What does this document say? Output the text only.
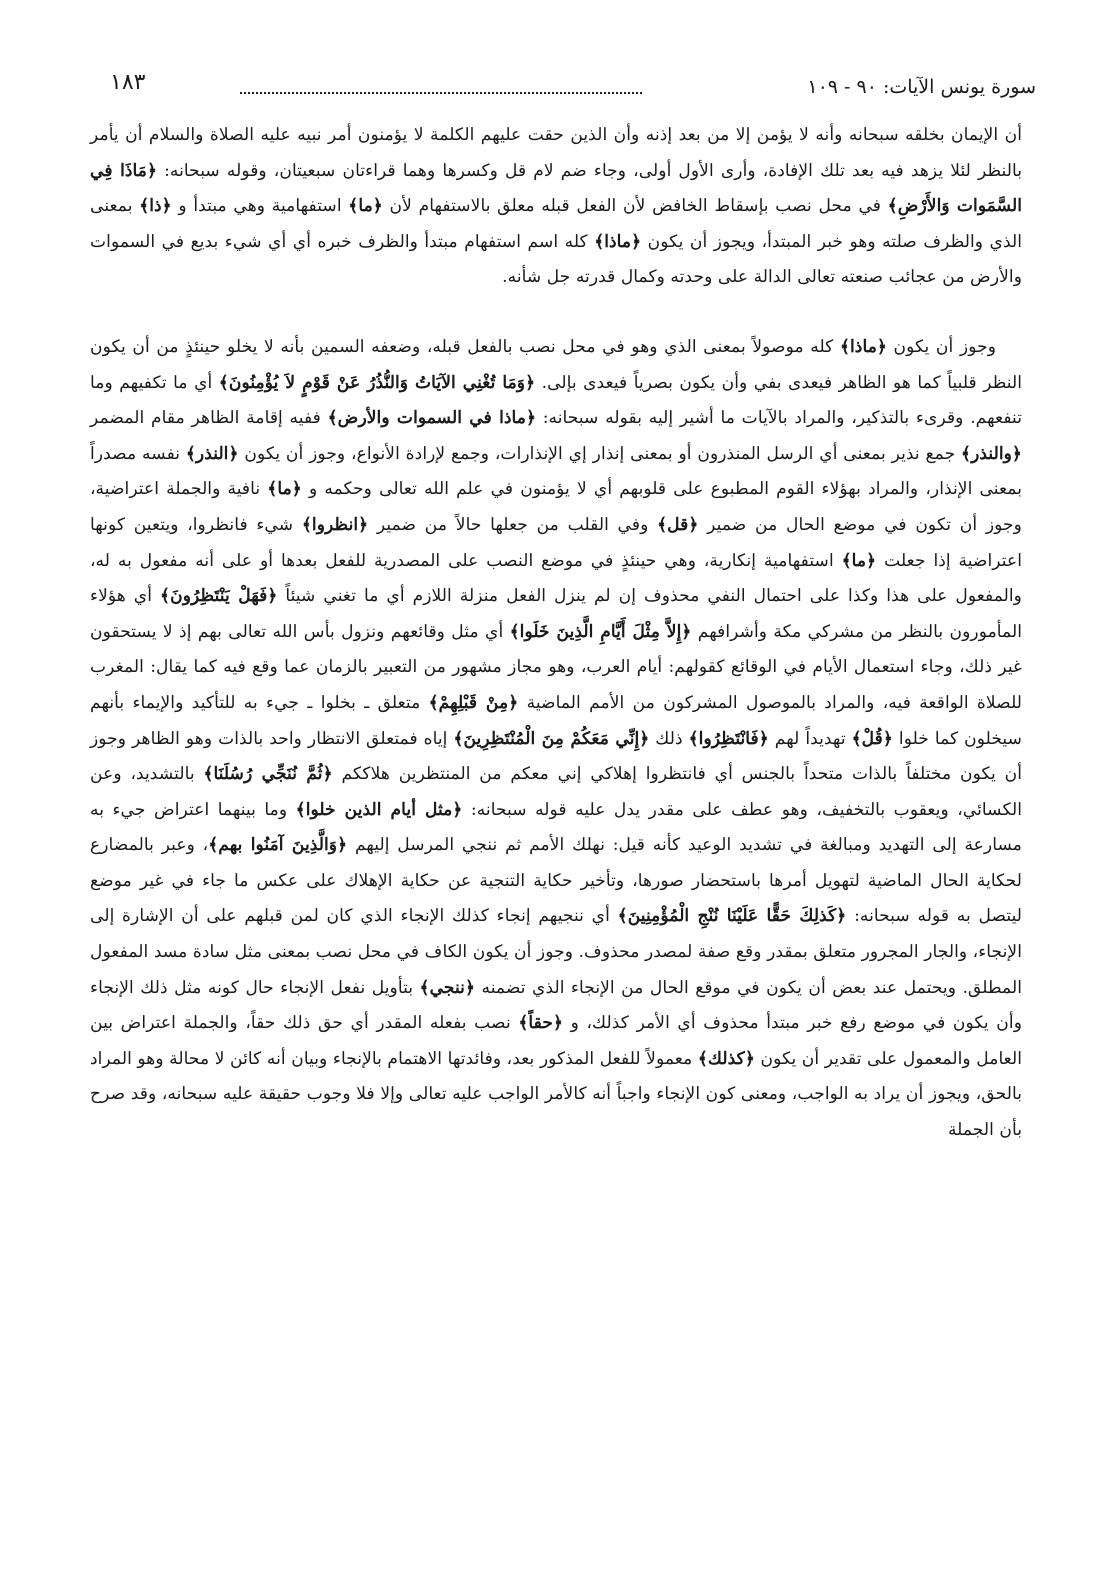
سورة يونس الآيات: ٩٠ - ١٠٩
١٨٣

أن الإيمان بخلقه سبحانه وأنه لا يؤمن إلا من بعد إذنه وأن الذين حقت عليهم الكلمة لا يؤمنون أمر نبيه عليه الصلاة والسلام أن يأمر بالنظر لئلا يزهد فيه بعد تلك الإفادة، وأرى الأول أولى، وجاء ضم لام قل وكسرها وهما قراءتان سبعيتان، وقوله سبحانه: ﴿مَاذَا فِي السَّمَوات وَالأَرْضِ﴾ في محل نصب بإسقاط الخافض لأن الفعل قبله معلق بالاستفهام لأن ﴿ما﴾ استفهامية وهي مبتدأ و ﴿ذا﴾ بمعنى الذي والظرف صلته وهو خبر المبتدأ، ويجوز أن يكون ﴿ماذا﴾ كله اسم استفهام مبتدأ والظرف خبره أي أي شيء بديع في السموات والأرض من عجائب صنعته تعالى الدالة على وحدته وكمال قدرته جل شأنه.

وجوز أن يكون ﴿ماذا﴾ كله موصولاً بمعنى الذي وهو في محل نصب بالفعل قبله، وضعفه السمين بأنه لا يخلو حينئذٍ من أن يكون النظر قلبياً كما هو الظاهر فيعدى بفي وأن يكون بصرياً فيعدى بإلى. ﴿وَمَا تُغْنِي الآيَاتُ وَالنُّذُرُ عَنْ قَوْمٍ لاَ يُؤْمِنُونَ﴾ أي ما تكفيهم وما تنفعهم. وقرىء بالتذكير، والمراد بالآيات ما أشير إليه بقوله سبحانه: ﴿ماذا في السموات والأرض﴾ ففيه إقامة الظاهر مقام المضمر ﴿والنذر﴾ جمع نذير بمعنى أي الرسل المنذرون أو بمعنى إنذار إي الإنذارات، وجمع لإرادة الأنواع، وجوز أن يكون ﴿النذر﴾ نفسه مصدراً بمعنى الإنذار، والمراد بهؤلاء القوم المطبوع على قلوبهم أي لا يؤمنون في علم الله تعالى وحكمه و ﴿ما﴾ نافية والجملة اعتراضية، وجوز أن تكون في موضع الحال من ضمير ﴿قل﴾ وفي القلب من جعلها حالاً من ضمير ﴿انظروا﴾ شيء فانظروا، ويتعين كونها اعتراضية إذا جعلت ﴿ما﴾ استفهامية إنكارية، وهي حينئذٍ في موضع النصب على المصدرية للفعل بعدها أو على أنه مفعول به له، والمفعول على هذا وكذا على احتمال النفي محذوف إن لم ينزل الفعل منزلة اللازم أي ما تغني شيئاً ﴿فَهَلْ يَنْتَظِرُونَ﴾ أي هؤلاء المأمورون بالنظر من مشركي مكة وأشرافهم ﴿إِلاَّ مِثْلَ أَيَّامِ الَّذِينَ خَلَوا﴾ أي مثل وقائعهم ونزول بأس الله تعالى بهم إذ لا يستحقون غير ذلك، وجاء استعمال الأيام في الوقائع كقولهم: أيام العرب، وهو مجاز مشهور من التعبير بالزمان عما وقع فيه كما يقال: المغرب للصلاة الواقعة فيه، والمراد بالموصول المشركون من الأمم الماضية ﴿مِنْ قَبْلِهِمْ﴾ متعلق ـ بخلوا ـ جيء به للتأكيد والإيماء بأنهم سيخلون كما خلوا ﴿قُلْ﴾ تهديداً لهم ﴿فَانْتَظِرُوا﴾ ذلك ﴿إِنِّي مَعَكُمْ مِنَ الْمُنْتَظِرِينَ﴾ إياه فمتعلق الانتظار واحد بالذات وهو الظاهر وجوز أن يكون مختلفاً بالذات متحداً بالجنس أي فانتظروا إهلاكي إني معكم من المنتظرين هلاككم ﴿ثُمَّ نُنَجِّي رُسُلَنَا﴾ بالتشديد، وعن الكسائي، ويعقوب بالتخفيف، وهو عطف على مقدر يدل عليه قوله سبحانه: ﴿مثل أيام الذين خلوا﴾ وما بينهما اعتراض جيء به مسارعة إلى التهديد ومبالغة في تشديد الوعيد كأنه قيل: نهلك الأمم ثم ننجي المرسل إليهم ﴿وَالَّذِينَ آمَنُوا بهم﴾، وعبر بالمضارع لحكاية الحال الماضية لتهويل أمرها باستحضار صورها، وتأخير حكاية التنجية عن حكاية الإهلاك على عكس ما جاء في غير موضع ليتصل به قوله سبحانه: ﴿كَذلِكَ حَقًّا عَلَيْنَا نُنْجِ الْمُؤْمِنِينَ﴾ أي ننجيهم إنجاء كذلك الإنجاء الذي كان لمن قبلهم على أن الإشارة إلى الإنجاء، والجار المجرور متعلق بمقدر وقع صفة لمصدر محذوف. وجوز أن يكون الكاف في محل نصب بمعنى مثل سادة مسد المفعول المطلق. ويحتمل عند بعض أن يكون في موقع الحال من الإنجاء الذي تضمنه ﴿ننجي﴾ بتأويل نفعل الإنجاء حال كونه مثل ذلك الإنجاء وأن يكون في موضع رفع خبر مبتدأ محذوف أي الأمر كذلك، و ﴿حقاً﴾ نصب بفعله المقدر أي حق ذلك حقاً، والجملة اعتراض بين العامل والمعمول على تقدير أن يكون ﴿كذلك﴾ معمولاً للفعل المذكور بعد، وفائدتها الاهتمام بالإنجاء وبيان أنه كائن لا محالة وهو المراد بالحق، ويجوز أن يراد به الواجب، ومعنى كون الإنجاء واجباً أنه كالأمر الواجب عليه تعالى وإلا فلا وجوب حقيقة عليه سبحانه، وقد صرح بأن الجملة
